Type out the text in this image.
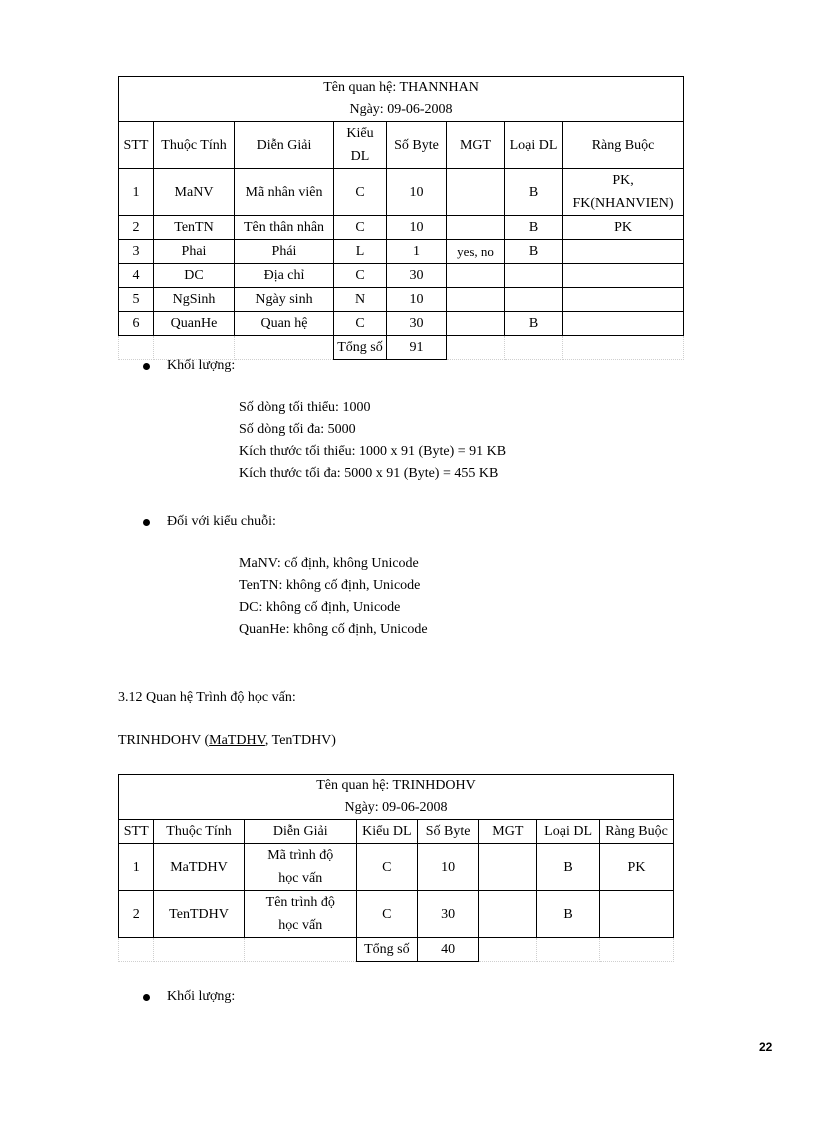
Tên quan hệ: THANNHAN
Ngày: 09-06-2008							

STT	Thuộc Tính	Diễn Giải	Kiểu DL	Số Byte	MGT	Loại DL	Ràng Buộc
1	MaNV	Mã nhân viên	C	10		B	PK,
FK(NHANVIEN)

2	TenTN	Tên thân nhân	C	10		B	PK
3	Phai	Phái	L	1	yes, no	B	
4	DC	Địa chỉ	C	30			
5	NgSinh	Ngày sinh	N	10			
6	QuanHe	Quan hệ	C	30		B	
			Tổng số	91			
Khối lượng:
Số dòng tối thiểu: 1000
Số dòng tối đa: 5000
Kích thước tối thiểu: 1000 x 91 (Byte) = 91 KB
Kích thước tối đa: 5000 x 91 (Byte) = 455 KB
Đối với kiểu chuỗi:
MaNV: cố định, không Unicode
TenTN: không cố định, Unicode
DC: không cố định, Unicode
QuanHe: không cố định, Unicode
3.12 Quan hệ Trình độ học vấn:
TRINHDOHV (MaTDHV, TenTDHV)
Tên quan hệ: TRINHDOHV
Ngày: 09-06-2008							

STT	Thuộc Tính	Diễn Giải	Kiểu DL	Số Byte	MGT	Loại DL	Ràng Buộc
1	MaTDHV	Mã trình độ
học vấn	C	10		B	PK
2	TenTDHV	Tên trình độ
học vấn	C	30		B	
			Tổng số	40			
Khối lượng:
22
